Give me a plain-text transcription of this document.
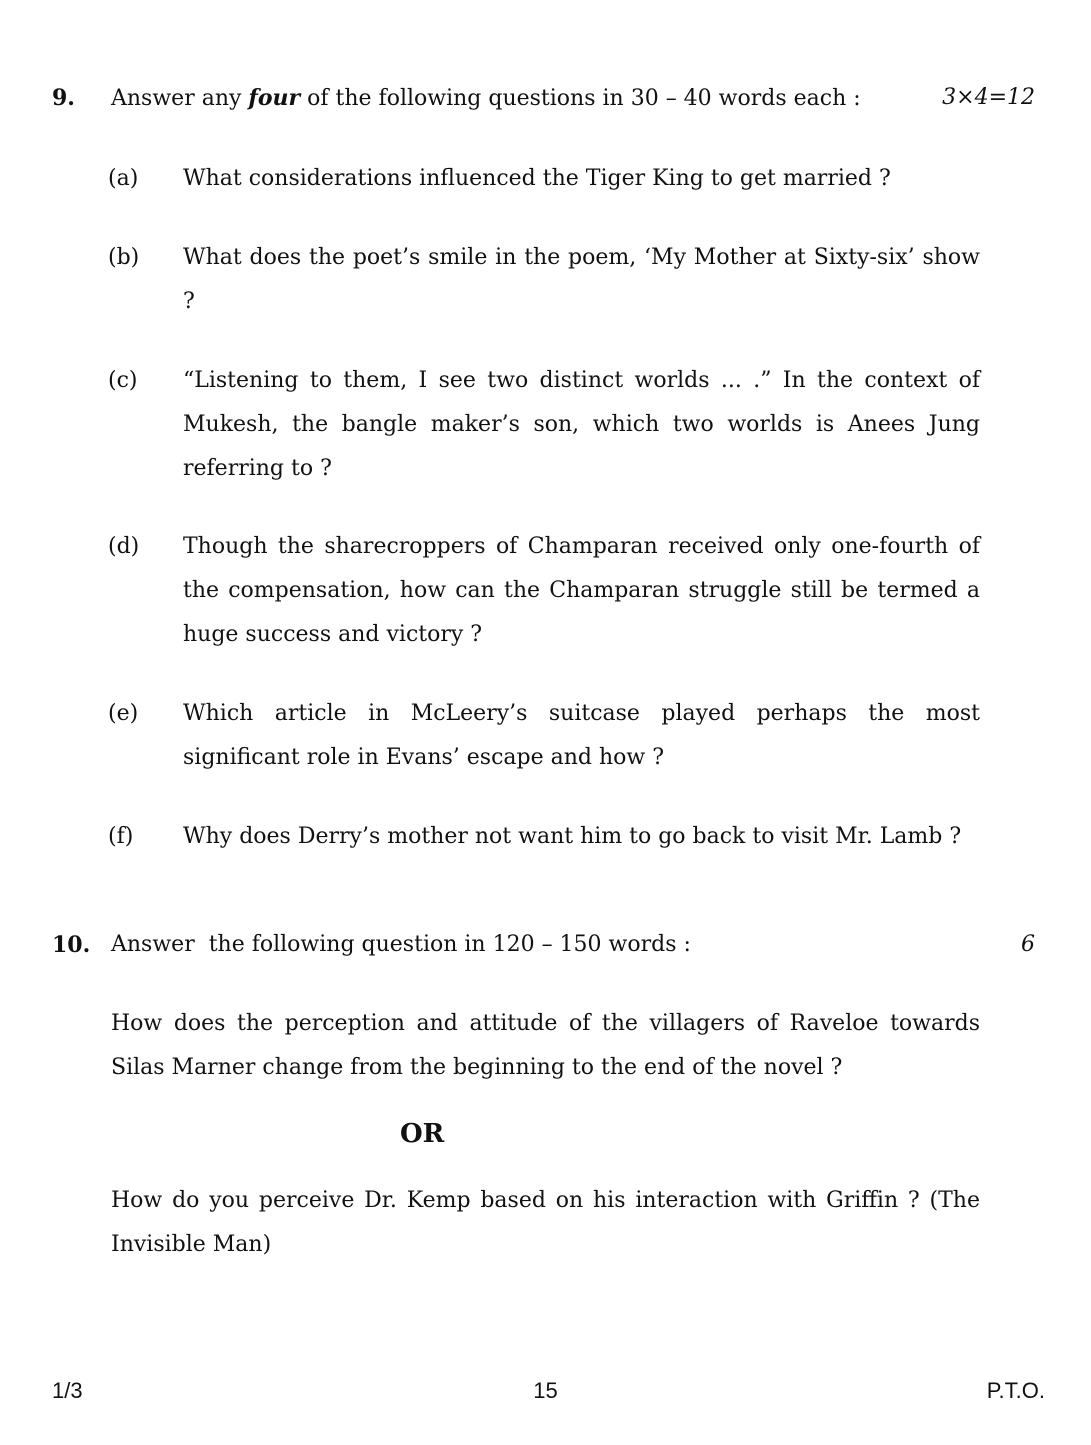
9. Answer any four of the following questions in 30 – 40 words each :	3×4=12
(a) What considerations influenced the Tiger King to get married ?
(b) What does the poet’s smile in the poem, ‘My Mother at Sixty-six’ show ?
(c) “Listening to them, I see two distinct worlds ... .” In the context of Mukesh, the bangle maker’s son, which two worlds is Anees Jung referring to ?
(d) Though the sharecroppers of Champaran received only one-fourth of the compensation, how can the Champaran struggle still be termed a huge success and victory ?
(e) Which article in McLeery’s suitcase played perhaps the most significant role in Evans’ escape and how ?
(f) Why does Derry’s mother not want him to go back to visit Mr. Lamb ?
10. Answer  the following question in 120 – 150 words :	6
How does the perception and attitude of the villagers of Raveloe towards Silas Marner change from the beginning to the end of the novel ?
OR
How do you perceive Dr. Kemp based on his interaction with Griffin ? (The Invisible Man)
1/3	15	P.T.O.
